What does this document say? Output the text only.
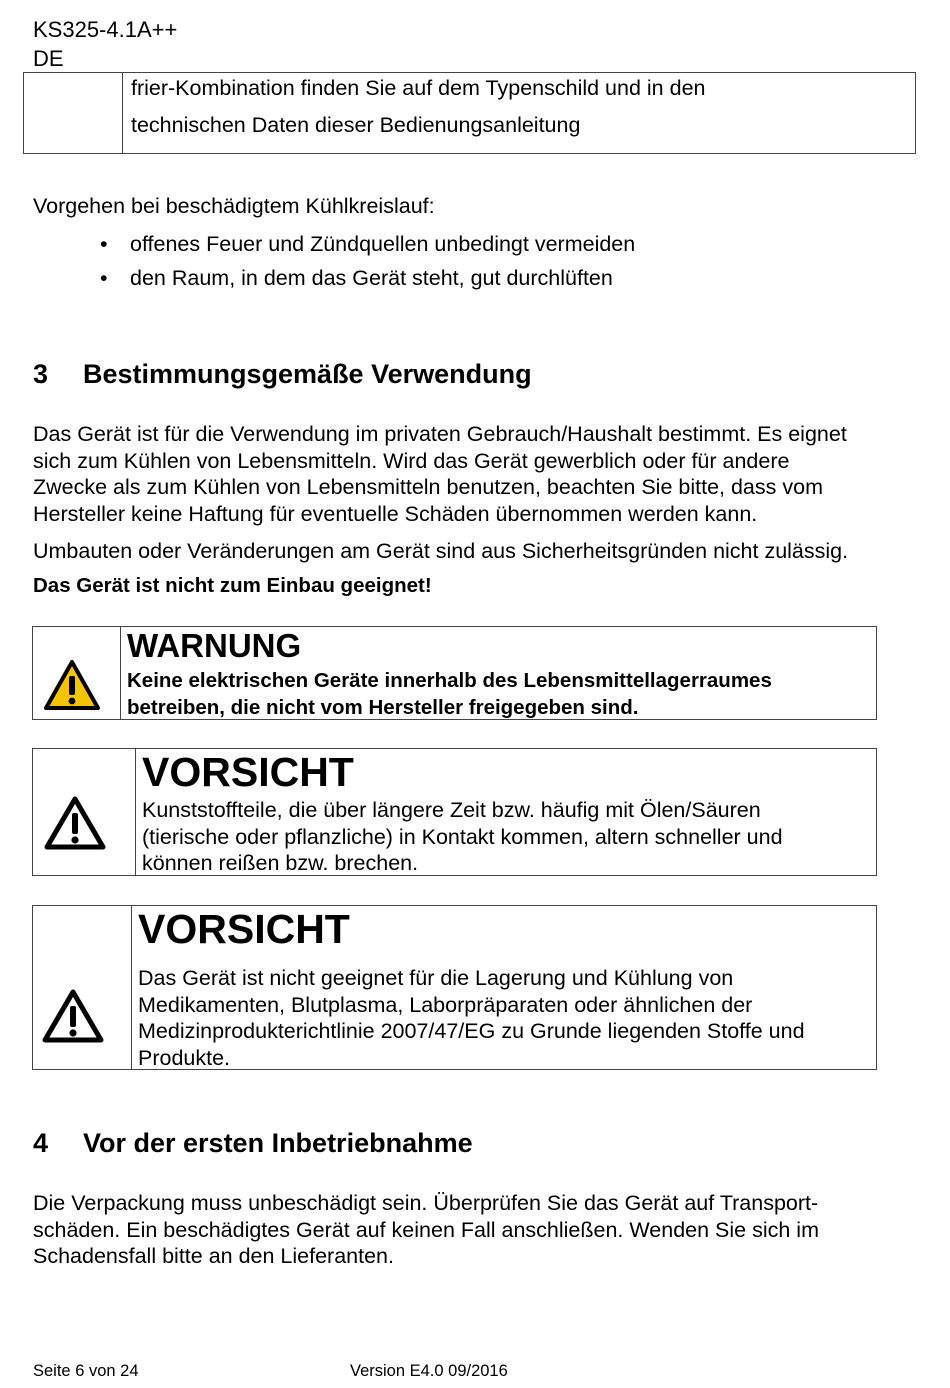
KS325-4.1A++
DE
frier-Kombination finden Sie auf dem Typenschild und in den
technischen Daten dieser Bedienungsanleitung
Vorgehen bei beschädigtem Kühlkreislauf:
• offenes Feuer und Zündquellen unbedingt vermeiden
• den Raum, in dem das Gerät steht, gut durchlüften
3 Bestimmungsgemäße Verwendung
Das Gerät ist für die Verwendung im privaten Gebrauch/Haushalt bestimmt. Es eignet
sich zum Kühlen von Lebensmitteln. Wird das Gerät gewerblich oder für andere
Zwecke als zum Kühlen von Lebensmitteln benutzen, beachten Sie bitte, dass vom
Hersteller keine Haftung für eventuelle Schäden übernommen werden kann.
Umbauten oder Veränderungen am Gerät sind aus Sicherheitsgründen nicht zulässig.
Das Gerät ist nicht zum Einbau geeignet!
WARNUNG
Keine elektrischen Geräte innerhalb des Lebensmittellagerraumes
betreiben, die nicht vom Hersteller freigegeben sind.
VORSICHT
Kunststoffteile, die über längere Zeit bzw. häufig mit Ölen/Säuren
(tierische oder pflanzliche) in Kontakt kommen, altern schneller und
können reißen bzw. brechen.
VORSICHT
Das Gerät ist nicht geeignet für die Lagerung und Kühlung von
Medikamenten, Blutplasma, Laborpräparaten oder ähnlichen der
Medizinprodukterichtlinie 2007/47/EG zu Grunde liegenden Stoffe und
Produkte.
4 Vor der ersten Inbetriebnahme
Die Verpackung muss unbeschädigt sein. Überprüfen Sie das Gerät auf Transport-
schäden. Ein beschädigtes Gerät auf keinen Fall anschließen. Wenden Sie sich im
Schadensfall bitte an den Lieferanten.
Seite 6 von 24	Version E4.0 09/2016
